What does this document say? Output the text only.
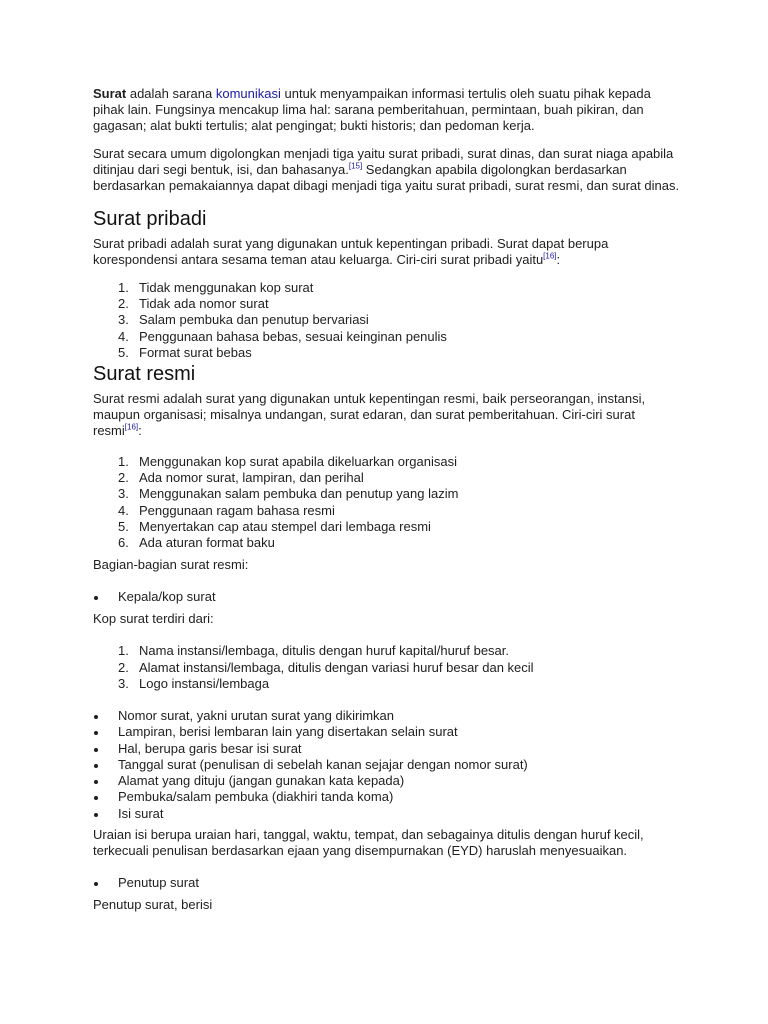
Surat adalah sarana komunikasi untuk menyampaikan informasi tertulis oleh suatu pihak kepada pihak lain. Fungsinya mencakup lima hal: sarana pemberitahuan, permintaan, buah pikiran, dan gagasan; alat bukti tertulis; alat pengingat; bukti historis; dan pedoman kerja.

Surat secara umum digolongkan menjadi tiga yaitu surat pribadi, surat dinas, dan surat niaga apabila ditinjau dari segi bentuk, isi, dan bahasanya.[15] Sedangkan apabila digolongkan berdasarkan berdasarkan pemakaiannya dapat dibagi menjadi tiga yaitu surat pribadi, surat resmi, dan surat dinas.

Surat pribadi

Surat pribadi adalah surat yang digunakan untuk kepentingan pribadi. Surat dapat berupa korespondensi antara sesama teman atau keluarga. Ciri-ciri surat pribadi yaitu[16]:

1. Tidak menggunakan kop surat
2. Tidak ada nomor surat
3. Salam pembuka dan penutup bervariasi
4. Penggunaan bahasa bebas, sesuai keinginan penulis
5. Format surat bebas
Surat resmi

Surat resmi adalah surat yang digunakan untuk kepentingan resmi, baik perseorangan, instansi, maupun organisasi; misalnya undangan, surat edaran, dan surat pemberitahuan. Ciri-ciri surat resmi[16]:

1. Menggunakan kop surat apabila dikeluarkan organisasi
2. Ada nomor surat, lampiran, dan perihal
3. Menggunakan salam pembuka dan penutup yang lazim
4. Penggunaan ragam bahasa resmi
5. Menyertakan cap atau stempel dari lembaga resmi
6. Ada aturan format baku

Bagian-bagian surat resmi:

Kepala/kop surat

Kop surat terdiri dari:

1. Nama instansi/lembaga, ditulis dengan huruf kapital/huruf besar.
2. Alamat instansi/lembaga, ditulis dengan variasi huruf besar dan kecil
3. Logo instansi/lembaga
Nomor surat, yakni urutan surat yang dikirimkan
Lampiran, berisi lembaran lain yang disertakan selain surat
Hal, berupa garis besar isi surat
Tanggal surat (penulisan di sebelah kanan sejajar dengan nomor surat)
Alamat yang dituju (jangan gunakan kata kepada)
Pembuka/salam pembuka (diakhiri tanda koma)
Isi surat

Uraian isi berupa uraian hari, tanggal, waktu, tempat, dan sebagainya ditulis dengan huruf kecil, terkecuali penulisan berdasarkan ejaan yang disempurnakan (EYD) haruslah menyesuaikan.

Penutup surat

Penutup surat, berisi
